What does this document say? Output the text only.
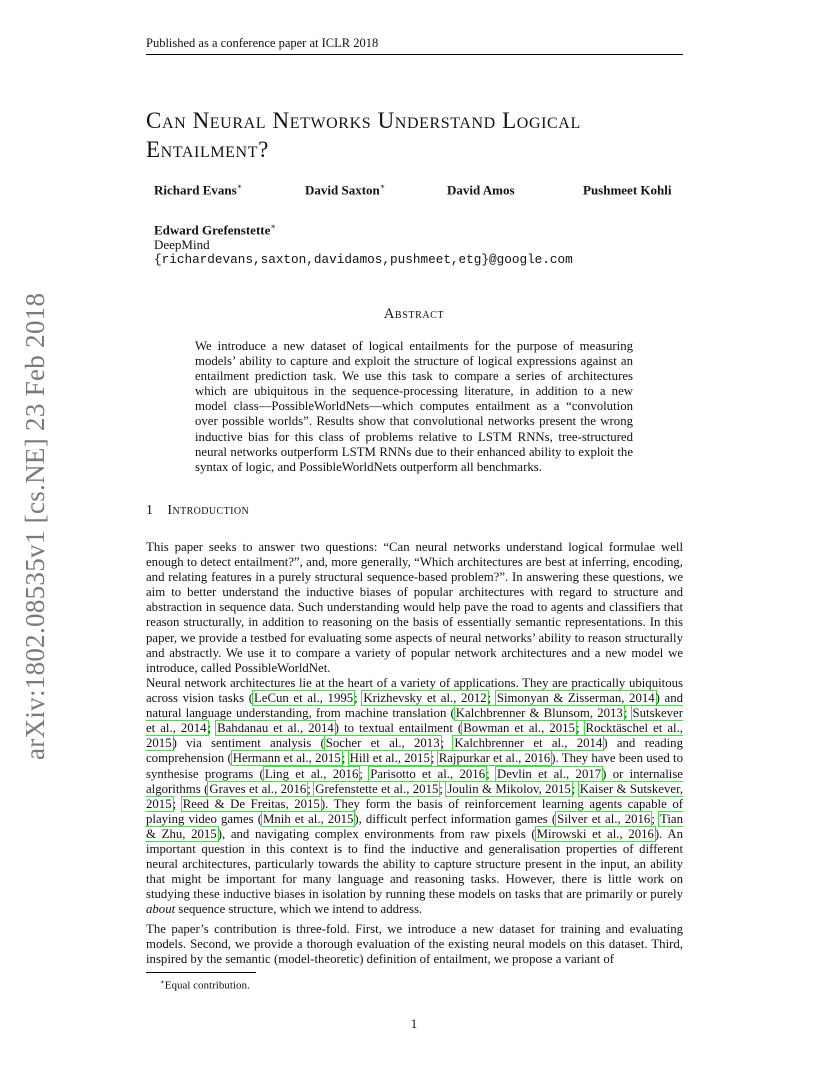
Published as a conference paper at ICLR 2018
arXiv:1802.08535v1 [cs.NE] 23 Feb 2018
Can Neural Networks Understand Logical Entailment?
Richard Evans∗	David Saxton∗	David Amos	Pushmeet Kohli
Edward Grefenstette∗
DeepMind
{richardevans,saxton,davidamos,pushmeet,etg}@google.com
Abstract
We introduce a new dataset of logical entailments for the purpose of measuring models’ ability to capture and exploit the structure of logical expressions against an entailment prediction task. We use this task to compare a series of architectures which are ubiquitous in the sequence-processing literature, in addition to a new model class—PossibleWorldNets—which computes entailment as a “convolution over possible worlds”. Results show that convolutional networks present the wrong inductive bias for this class of problems relative to LSTM RNNs, tree-structured neural networks outperform LSTM RNNs due to their enhanced ability to exploit the syntax of logic, and PossibleWorldNets outperform all benchmarks.
1 Introduction
This paper seeks to answer two questions: “Can neural networks understand logical formulae well enough to detect entailment?”, and, more generally, “Which architectures are best at inferring, encoding, and relating features in a purely structural sequence-based problem?”. In answering these questions, we aim to better understand the inductive biases of popular architectures with regard to structure and abstraction in sequence data. Such understanding would help pave the road to agents and classifiers that reason structurally, in addition to reasoning on the basis of essentially semantic representations. In this paper, we provide a testbed for evaluating some aspects of neural networks’ ability to reason structurally and abstractly. We use it to compare a variety of popular network architectures and a new model we introduce, called PossibleWorldNet.
Neural network architectures lie at the heart of a variety of applications. They are practically ubiquitous across vision tasks (LeCun et al., 1995; Krizhevsky et al., 2012; Simonyan & Zisserman, 2014) and natural language understanding, from machine translation (Kalchbrenner & Blunsom, 2013; Sutskever et al., 2014; Bahdanau et al., 2014) to textual entailment (Bowman et al., 2015; Rocktäschel et al., 2015) via sentiment analysis (Socher et al., 2013; Kalchbrenner et al., 2014) and reading comprehension (Hermann et al., 2015; Hill et al., 2015; Rajpurkar et al., 2016). They have been used to synthesise programs (Ling et al., 2016; Parisotto et al., 2016; Devlin et al., 2017) or internalise algorithms (Graves et al., 2016; Grefenstette et al., 2015; Joulin & Mikolov, 2015; Kaiser & Sutskever, 2015; Reed & De Freitas, 2015). They form the basis of reinforcement learning agents capable of playing video games (Mnih et al., 2015), difficult perfect information games (Silver et al., 2016; Tian & Zhu, 2015), and navigating complex environments from raw pixels (Mirowski et al., 2016). An important question in this context is to find the inductive and generalisation properties of different neural architectures, particularly towards the ability to capture structure present in the input, an ability that might be important for many language and reasoning tasks. However, there is little work on studying these inductive biases in isolation by running these models on tasks that are primarily or purely about sequence structure, which we intend to address.
The paper’s contribution is three-fold. First, we introduce a new dataset for training and evaluating models. Second, we provide a thorough evaluation of the existing neural models on this dataset. Third, inspired by the semantic (model-theoretic) definition of entailment, we propose a variant of
∗Equal contribution.
1
